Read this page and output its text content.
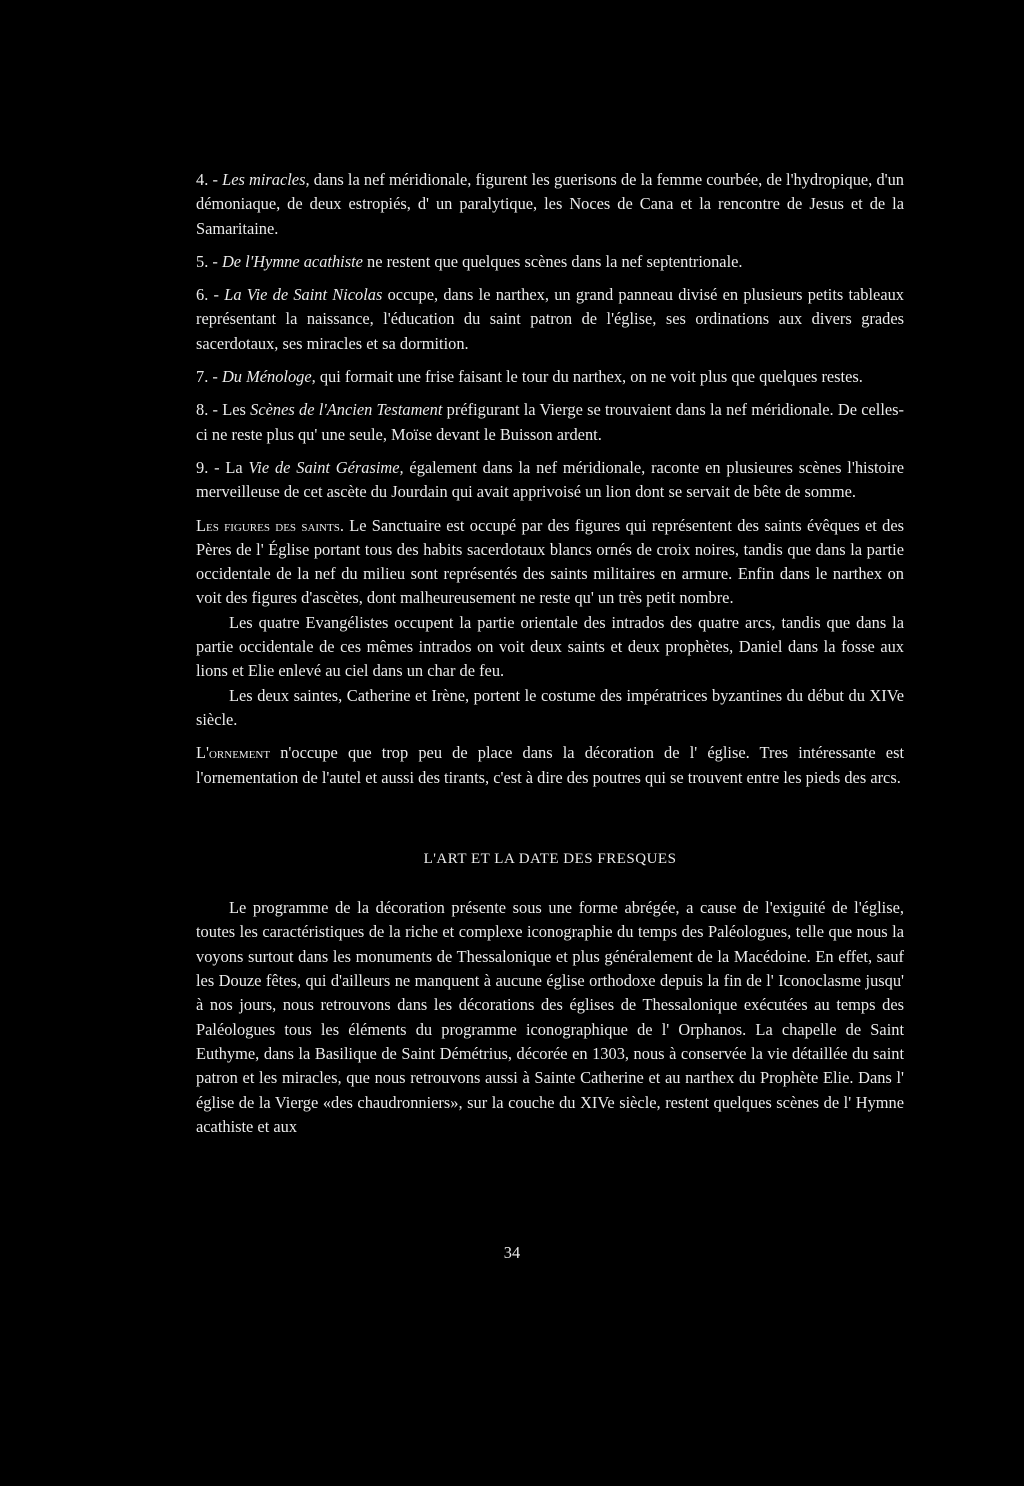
4. - Les miracles, dans la nef méridionale, figurent les guerisons de la femme courbée, de l'hydropique, d'un démoniaque, de deux estropiés, d' un paralytique, les Noces de Cana et la rencontre de Jesus et de la Samaritaine.

5. - De l'Hymne acathiste ne restent que quelques scènes dans la nef septentrionale.

6. - La Vie de Saint Nicolas occupe, dans le narthex, un grand panneau divisé en plusieurs petits tableaux représentant la naissance, l'éducation du saint patron de l'église, ses ordinations aux divers grades sacerdotaux, ses miracles et sa dormition.

7. - Du Ménologe, qui formait une frise faisant le tour du narthex, on ne voit plus que quelques restes.

8. - Les Scènes de l'Ancien Testament préfigurant la Vierge se trouvaient dans la nef méridionale. De celles-ci ne reste plus qu' une seule, Moïse devant le Buisson ardent.

9. - La Vie de Saint Gérasime, également dans la nef méridionale, raconte en plusieures scènes l'histoire merveilleuse de cet ascète du Jourdain qui avait apprivoisé un lion dont se servait de bête de somme.

Les figures des saints. Le Sanctuaire est occupé par des figures qui représentent des saints évêques et des Pères de l' Église portant tous des habits sacerdotaux blancs ornés de croix noires, tandis que dans la partie occidentale de la nef du milieu sont représentés des saints militaires en armure. Enfin dans le narthex on voit des figures d'ascètes, dont malheureusement ne reste qu' un très petit nombre.

Les quatre Evangélistes occupent la partie orientale des intrados des quatre arcs, tandis que dans la partie occidentale de ces mêmes intrados on voit deux saints et deux prophètes, Daniel dans la fosse aux lions et Elie enlevé au ciel dans un char de feu.

Les deux saintes, Catherine et Irène, portent le costume des impératrices byzantines du début du XIVe siècle.

L'ornement n'occupe que trop peu de place dans la décoration de l' église. Tres intéressante est l'ornementation de l'autel et aussi des tirants, c'est à dire des poutres qui se trouvent entre les pieds des arcs.

L'ART ET LA DATE DES FRESQUES

Le programme de la décoration présente sous une forme abrégée, a cause de l'exiguité de l'église, toutes les caractéristiques de la riche et complexe iconographie du temps des Paléologues, telle que nous la voyons surtout dans les monuments de Thessalonique et plus généralement de la Macédoine. En effet, sauf les Douze fêtes, qui d'ailleurs ne manquent à aucune église orthodoxe depuis la fin de l' Iconoclasme jusqu' à nos jours, nous retrouvons dans les décorations des églises de Thessalonique exécutées au temps des Paléologues tous les éléments du programme iconographique de l' Orphanos. La chapelle de Saint Euthyme, dans la Basilique de Saint Démétrius, décorée en 1303, nous à conservée la vie détaillée du saint patron et les miracles, que nous retrouvons aussi à Sainte Catherine et au narthex du Prophète Elie. Dans l' église de la Vierge «des chaudronniers», sur la couche du XIVe siècle, restent quelques scènes de l' Hymne acathiste et aux

34
